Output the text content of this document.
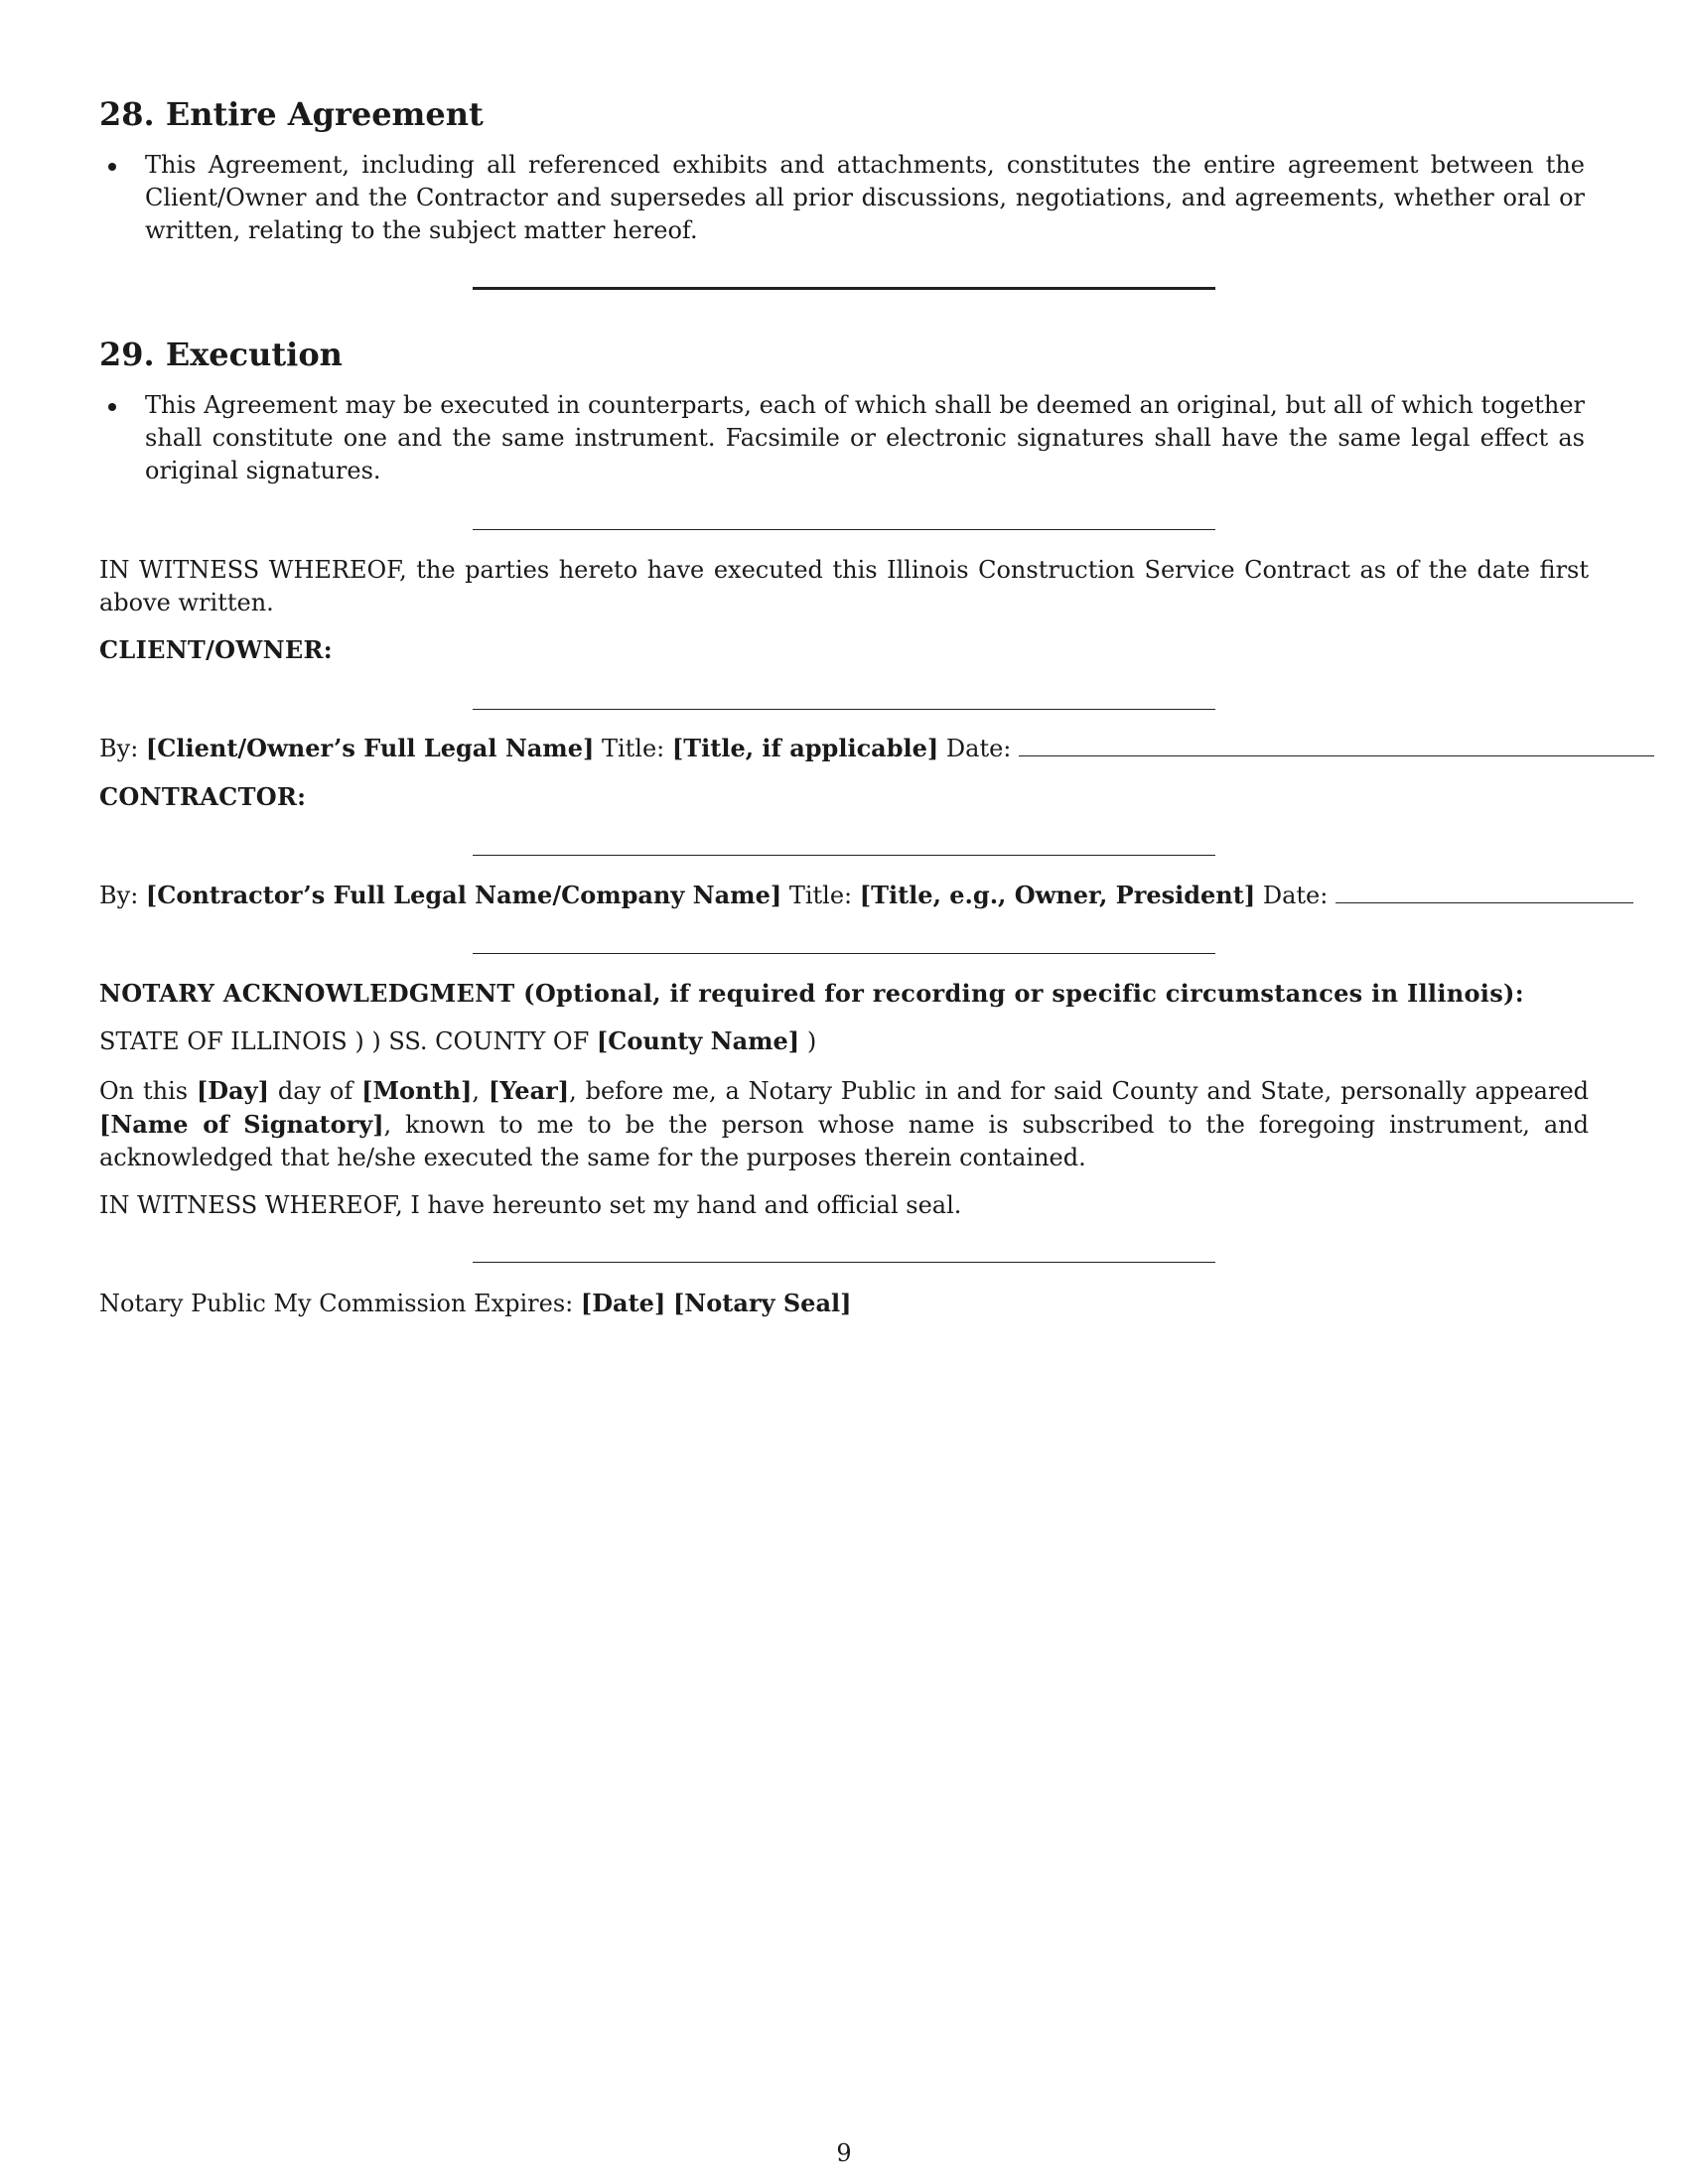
28. Entire Agreement
This Agreement, including all referenced exhibits and attachments, constitutes the entire agreement between the Client/Owner and the Contractor and supersedes all prior discussions, negotiations, and agreements, whether oral or written, relating to the subject matter hereof.
29. Execution
This Agreement may be executed in counterparts, each of which shall be deemed an original, but all of which together shall constitute one and the same instrument. Facsimile or electronic signatures shall have the same legal effect as original signatures.
IN WITNESS WHEREOF, the parties hereto have executed this Illinois Construction Service Contract as of the date first above written.
CLIENT/OWNER:
By: [Client/Owner’s Full Legal Name] Title: [Title, if applicable] Date:
CONTRACTOR:
By: [Contractor’s Full Legal Name/Company Name] Title: [Title, e.g., Owner, President] Date:
NOTARY ACKNOWLEDGMENT (Optional, if required for recording or specific circumstances in Illinois):
STATE OF ILLINOIS ) ) SS. COUNTY OF [County Name] )
On this [Day] day of [Month], [Year], before me, a Notary Public in and for said County and State, personally appeared [Name of Signatory], known to me to be the person whose name is subscribed to the foregoing instrument, and acknowledged that he/she executed the same for the purposes therein contained.
IN WITNESS WHEREOF, I have hereunto set my hand and official seal.
Notary Public My Commission Expires: [Date] [Notary Seal]
9
